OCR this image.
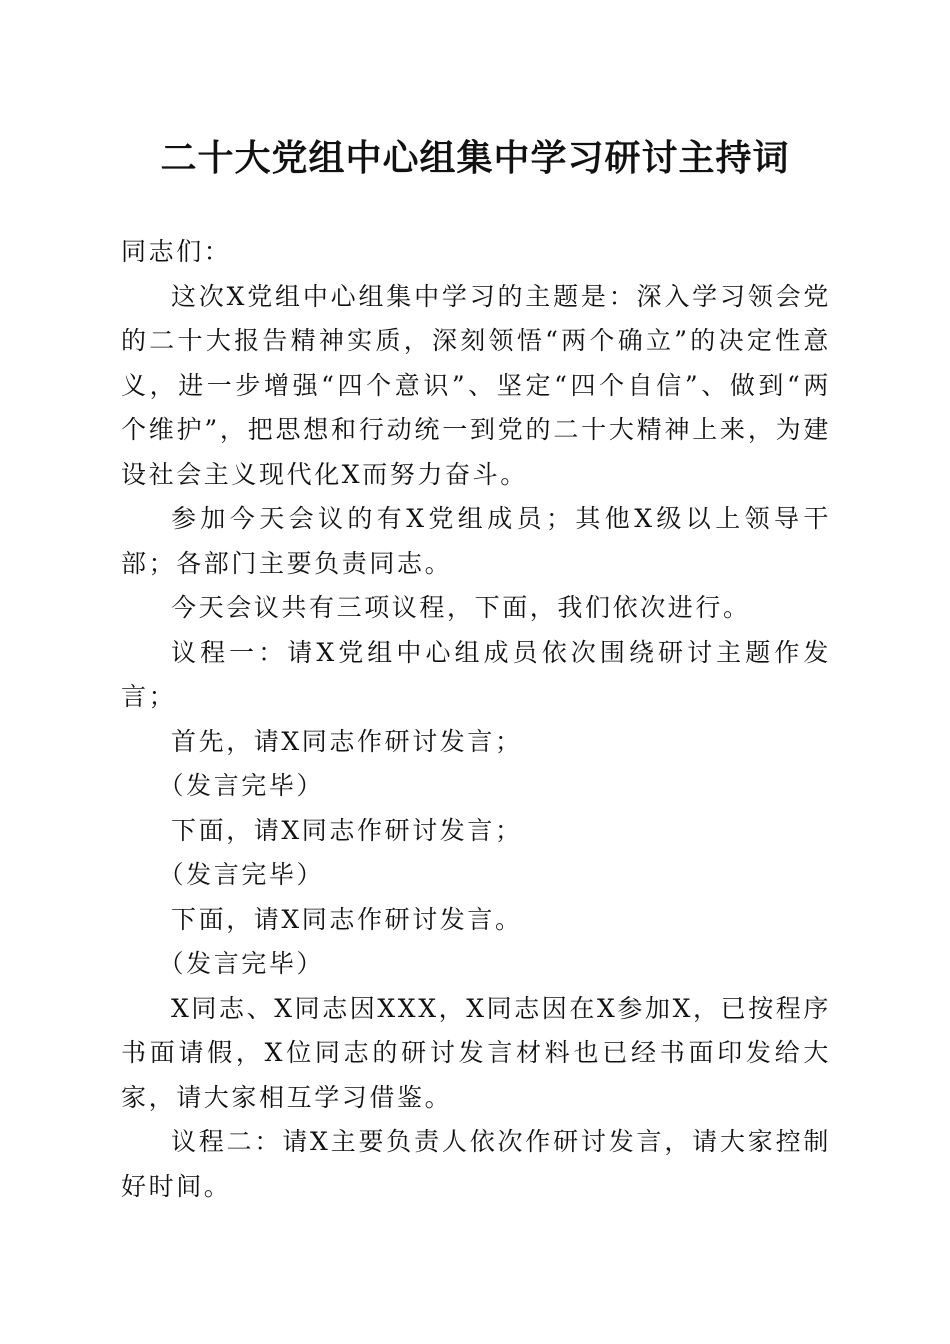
二十大党组中心组集中学习研讨主持词

同志们：

这次X党组中心组集中学习的主题是：深入学习领会党的二十大报告精神实质，深刻领悟“两个确立”的决定性意义，进一步增强“四个意识”、坚定“四个自信”、做到“两个维护”，把思想和行动统一到党的二十大精神上来，为建设社会主义现代化X而努力奋斗。

参加今天会议的有X党组成员；其他X级以上领导干部；各部门主要负责同志。

今天会议共有三项议程，下面，我们依次进行。

议程一：请X党组中心组成员依次围绕研讨主题作发言；

首先，请X同志作研讨发言；

（发言完毕）

下面，请X同志作研讨发言；

（发言完毕）

下面，请X同志作研讨发言。

（发言完毕）

X同志、X同志因XXX，X同志因在X参加X，已按程序书面请假，X位同志的研讨发言材料也已经书面印发给大家，请大家相互学习借鉴。

议程二：请X主要负责人依次作研讨发言，请大家控制好时间。
